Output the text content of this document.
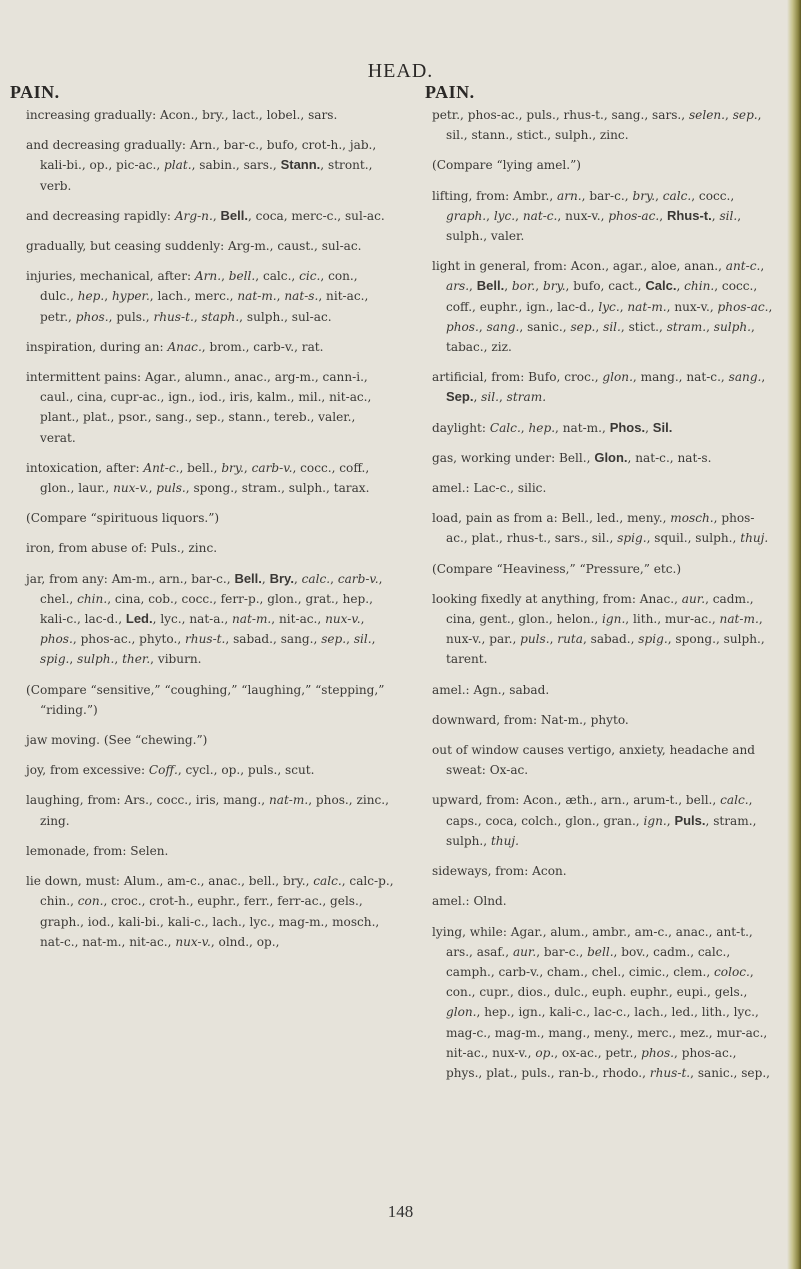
HEAD.
PAIN.	PAIN.

increasing gradually: Acon., bry., lact., lobel., sars.

and decreasing gradually: Arn., bar-c., bufo, crot-h., jab., kali-bi., op., pic-ac., plat., sabin., sars., Stann., stront., verb.

and decreasing rapidly: Arg-n., Bell., coca, merc-c., sul-ac.

gradually, but ceasing suddenly: Arg-m., caust., sul-ac.

injuries, mechanical, after: Arn., bell., calc., cic., con., dulc., hep., hyper., lach., merc., nat-m., nat-s., nit-ac., petr., phos., puls., rhus-t., staph., sulph., sul-ac.

inspiration, during an: Anac., brom., carb-v., rat.

intermittent pains: Agar., alumn., anac., arg-m., cann-i., caul., cina, cupr-ac., ign., iod., iris, kalm., mil., nit-ac., plant., plat., psor., sang., sep., stann., tereb., valer., verat.

intoxication, after: Ant-c., bell., bry., carb-v., cocc., coff., glon., laur., nux-v., puls., spong., stram., sulph., tarax.

(Compare “spirituous liquors.”)

iron, from abuse of: Puls., zinc.

jar, from any: Am-m., arn., bar-c., Bell., Bry., calc., carb-v., chel., chin., cina, cob., cocc., ferr-p., glon., grat., hep., kali-c., lac-d., Led., lyc., nat-a., nat-m., nit-ac., nux-v., phos., phos-ac., phyto., rhus-t., sabad., sang., sep., sil., spig., sulph., ther., viburn.

(Compare “sensitive,” “coughing,” “laughing,” “stepping,” “riding.”)

jaw moving. (See “chewing.”)

joy, from excessive: Coff., cycl., op., puls., scut.

laughing, from: Ars., cocc., iris, mang., nat-m., phos., zinc., zing.

lemonade, from: Selen.

lie down, must: Alum., am-c., anac., bell., bry., calc., calc-p., chin., con., croc., crot-h., euphr., ferr., ferr-ac., gels., graph., iod., kali-bi., kali-c., lach., lyc., mag-m., mosch., nat-c., nat-m., nit-ac., nux-v., olnd., op.,

petr., phos-ac., puls., rhus-t., sang., sars., selen., sep., sil., stann., stict., sulph., zinc.

(Compare “lying amel.”)

lifting, from: Ambr., arn., bar-c., bry., calc., cocc., graph., lyc., nat-c., nux-v., phos-ac., Rhus-t., sil., sulph., valer.

light in general, from: Acon., agar., aloe, anan., ant-c., ars., Bell., bor., bry., bufo, cact., Calc., chin., cocc., coff., euphr., ign., lac-d., lyc., nat-m., nux-v., phos-ac., phos., sang., sanic., sep., sil., stict., stram., sulph., tabac., ziz.

artificial, from: Bufo, croc., glon., mang., nat-c., sang., Sep., sil., stram.

daylight: Calc., hep., nat-m., Phos., Sil.

gas, working under: Bell., Glon., nat-c., nat-s.

amel.: Lac-c., silic.

load, pain as from a: Bell., led., meny., mosch., phos-ac., plat., rhus-t., sars., sil., spig., squil., sulph., thuj.

(Compare “Heaviness,” “Pressure,” etc.)

looking fixedly at anything, from: Anac., aur., cadm., cina, gent., glon., helon., ign., lith., mur-ac., nat-m., nux-v., par., puls., ruta, sabad., spig., spong., sulph., tarent.

amel.: Agn., sabad.

downward, from: Nat-m., phyto.

out of window causes vertigo, anxiety, headache and sweat: Ox-ac.

upward, from: Acon., æth., arn., arum-t., bell., calc., caps., coca, colch., glon., gran., ign., Puls., stram., sulph., thuj.

sideways, from: Acon.

amel.: Olnd.

lying, while: Agar., alum., ambr., am-c., anac., ant-t., ars., asaf., aur., bar-c., bell., bov., cadm., calc., camph., carb-v., cham., chel., cimic., clem., coloc., con., cupr., dios., dulc., euph. euphr., eupi., gels., glon., hep., ign., kali-c., lac-c., lach., led., lith., lyc., mag-c., mag-m., mang., meny., merc., mez., mur-ac., nit-ac., nux-v., op., ox-ac., petr., phos., phos-ac., phys., plat., puls., ran-b., rhodo., rhus-t., sanic., sep.,

148
